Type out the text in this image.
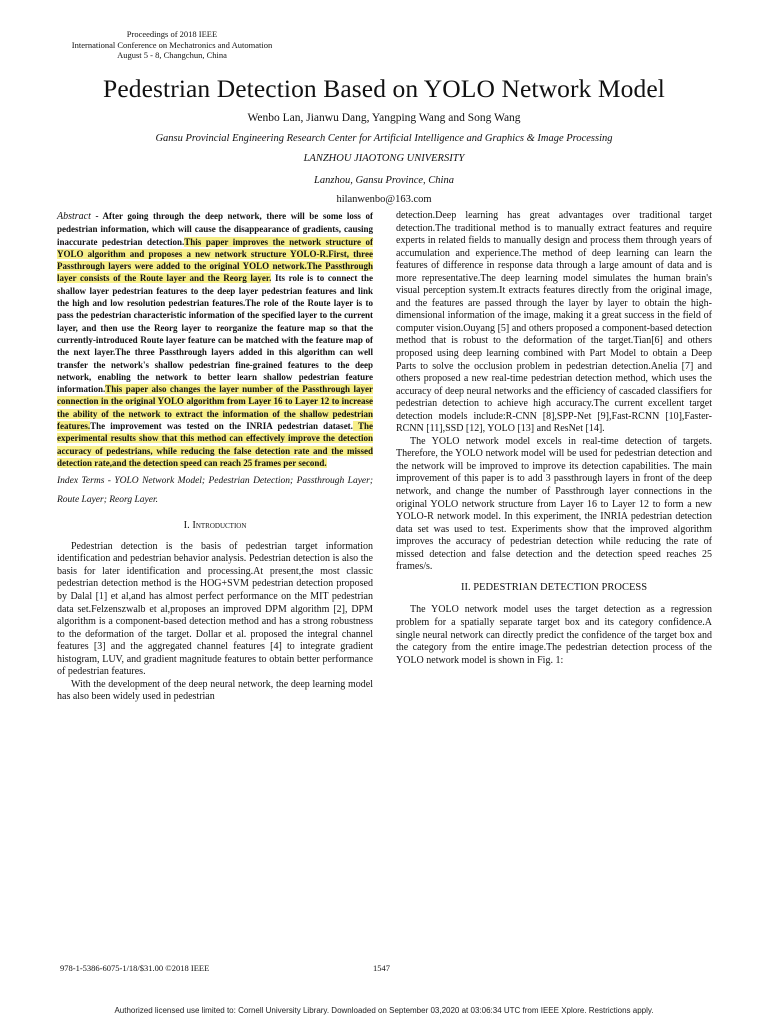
Proceedings of 2018 IEEE
International Conference on Mechatronics and Automation
August 5 - 8, Changchun, China
Pedestrian Detection Based on YOLO Network Model
Wenbo Lan, Jianwu Dang, Yangping Wang and Song Wang
Gansu Provincial Engineering Research Center for Artificial Intelligence and Graphics & Image Processing
LANZHOU JIAOTONG UNIVERSITY
Lanzhou, Gansu Province, China
hilanwenbo@163.com
Abstract - After going through the deep network, there will be some loss of pedestrian information, which will cause the disappearance of gradients, causing inaccurate pedestrian detection.This paper improves the network structure of YOLO algorithm and proposes a new network structure YOLO-R.First, three Passthrough layers were added to the original YOLO network.The Passthrough layer consists of the Route layer and the Reorg layer. Its role is to connect the shallow layer pedestrian features to the deep layer pedestrian features and link the high and low resolution pedestrian features.The role of the Route layer is to pass the pedestrian characteristic information of the specified layer to the current layer, and then use the Reorg layer to reorganize the feature map so that the currently-introduced Route layer feature can be matched with the feature map of the next layer.The three Passthrough layers added in this algorithm can well transfer the network's shallow pedestrian fine-grained features to the deep network, enabling the network to better learn shallow pedestrian feature information.This paper also changes the layer number of the Passthrough layer connection in the original YOLO algorithm from Layer 16 to Layer 12 to increase the ability of the network to extract the information of the shallow pedestrian features.The improvement was tested on the INRIA pedestrian dataset. The experimental results show that this method can effectively improve the detection accuracy of pedestrians, while reducing the false detection rate and the missed detection rate,and the detection speed can reach 25 frames per second.
Index Terms - YOLO Network Model; Pedestrian Detection; Passthrough Layer; Route Layer; Reorg Layer.
I. Introduction

Pedestrian detection is the basis of pedestrian target information identification and pedestrian behavior analysis. Pedestrian detection is also the basis for later identification and processing.At present,the most classic pedestrian detection method is the HOG+SVM pedestrian detection proposed by Dalal [1] et al,and has almost perfect performance on the MIT pedestrian data set.Felzenszwalb et al,proposes an improved DPM algorithm [2], DPM algorithm is a component-based detection method and has a strong robustness to the deformation of the target. Dollar et al. proposed the integral channel features [3] and the aggregated channel features [4] to integrate gradient histogram, LUV, and gradient magnitude features to obtain better performance of pedestrian features.

With the development of the deep neural network, the deep learning model has also been widely used in pedestrian

detection.Deep learning has great advantages over traditional target detection.The traditional method is to manually extract features and require experts in related fields to manually design and process them through years of accumulation and experience.The method of deep learning can learn the features of difference in response data through a large amount of data and is more representative.The deep learning model simulates the human brain's visual perception system.It extracts features directly from the original image, and the features are passed through the layer by layer to obtain the high-dimensional information of the image, making it a great success in the field of computer vision.Ouyang [5] and others proposed a component-based detection method that is robust to the deformation of the target.Tian[6] and others proposed using deep learning combined with Part Model to obtain a Deep Parts to solve the occlusion problem in pedestrian detection.Anelia [7] and others proposed a new real-time pedestrian detection method, which uses the accuracy of deep neural networks and the efficiency of cascaded classifiers for pedestrian detection to achieve high accuracy.The current excellent target detection models include:R-CNN [8],SPP-Net [9],Fast-RCNN [10],Faster-RCNN [11],SSD [12], YOLO [13] and ResNet [14].

The YOLO network model excels in real-time detection of targets. Therefore, the YOLO network model will be used for pedestrian detection and the network will be improved to improve its detection capabilities. The main improvement of this paper is to add 3 passthrough layers in front of the deep network, and change the number of Passthrough layer connections in the original YOLO network structure from Layer 16 to Layer 12 to form a new YOLO-R network model. In this experiment, the INRIA pedestrian detection data set was used to test. Experiments show that the improved algorithm improves the accuracy of pedestrian detection while reducing the rate of missed detection and false detection and the detection speed reaches 25 frames/s.

II. PEDESTRIAN DETECTION PROCESS

The YOLO network model uses the target detection as a regression problem for a spatially separate target box and its category confidence.A single neural network can directly predict the confidence of the target box and the category from the entire image.The pedestrian detection process of the YOLO network model is shown in Fig. 1:

978-1-5386-6075-1/18/$31.00 ©2018 IEEE	1547
Authorized licensed use limited to: Cornell University Library. Downloaded on September 03,2020 at 03:06:34 UTC from IEEE Xplore. Restrictions apply.
